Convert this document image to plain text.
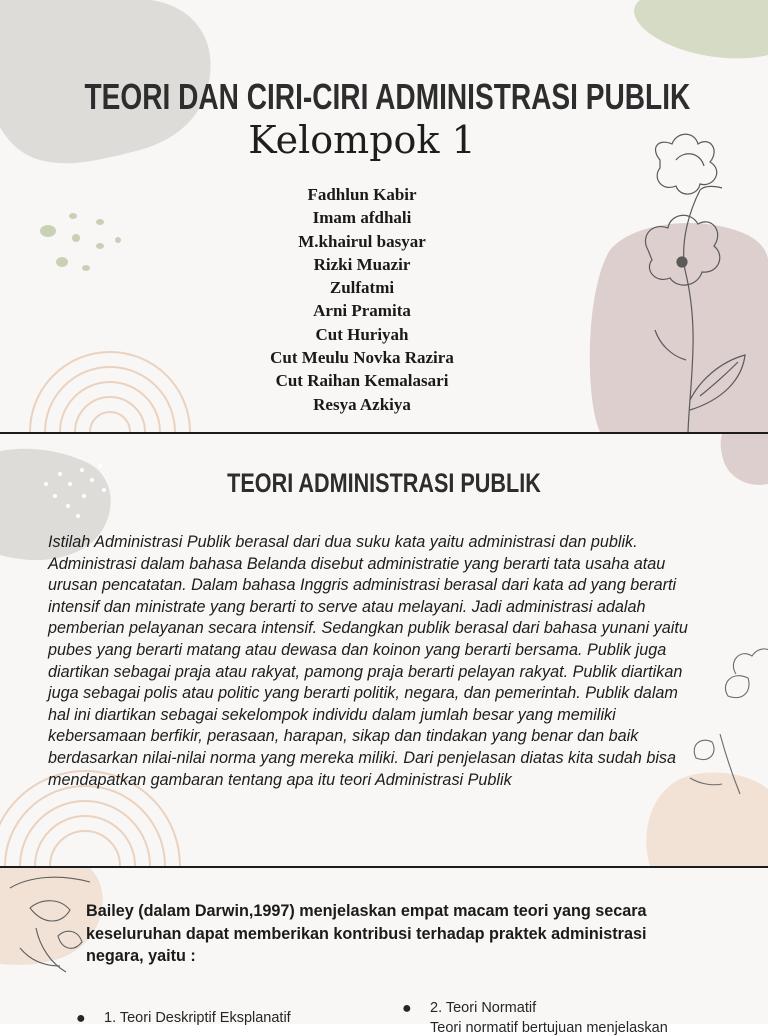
TEORI DAN CIRI-CIRI ADMINISTRASI PUBLIK
Kelompok 1
Fadhlun Kabir
Imam afdhali
M.khairul basyar
Rizki Muazir
Zulfatmi
Arni Pramita
Cut Huriyah
Cut Meulu Novka Razira
Cut Raihan Kemalasari
Resya Azkiya
TEORI ADMINISTRASI PUBLIK

Istilah Administrasi Publik berasal dari dua suku kata yaitu administrasi dan publik.
Administrasi dalam bahasa Belanda disebut administratie yang berarti tata usaha atau
urusan pencatatan. Dalam bahasa Inggris administrasi berasal dari kata ad yang berarti
intensif dan ministrate yang berarti to serve atau melayani. Jadi administrasi adalah
pemberian pelayanan secara intensif. Sedangkan publik berasal dari bahasa yunani yaitu
pubes yang berarti matang atau dewasa dan koinon yang berarti bersama. Publik juga
diartikan sebagai praja atau rakyat, pamong praja berarti pelayan rakyat. Publik diartikan
juga sebagai polis atau politic yang berarti politik, negara, dan pemerintah. Publik dalam
hal ini diartikan sebagai sekelompok individu dalam jumlah besar yang memiliki
kebersamaan berfikir, perasaan, harapan, sikap dan tindakan yang benar dan baik
berdasarkan nilai-nilai norma yang mereka miliki. Dari penjelasan diatas kita sudah bisa
mendapatkan gambaran tentang apa itu teori Administrasi Publik

Bailey (dalam Darwin,1997) menjelaskan empat macam teori yang secara
keseluruhan dapat memberikan kontribusi terhadap praktek administrasi
negara, yaitu :

● 1. Teori Deskriptif Eksplanatif
● 2. Teori Normatif
Teori normatif bertujuan menjelaskan
